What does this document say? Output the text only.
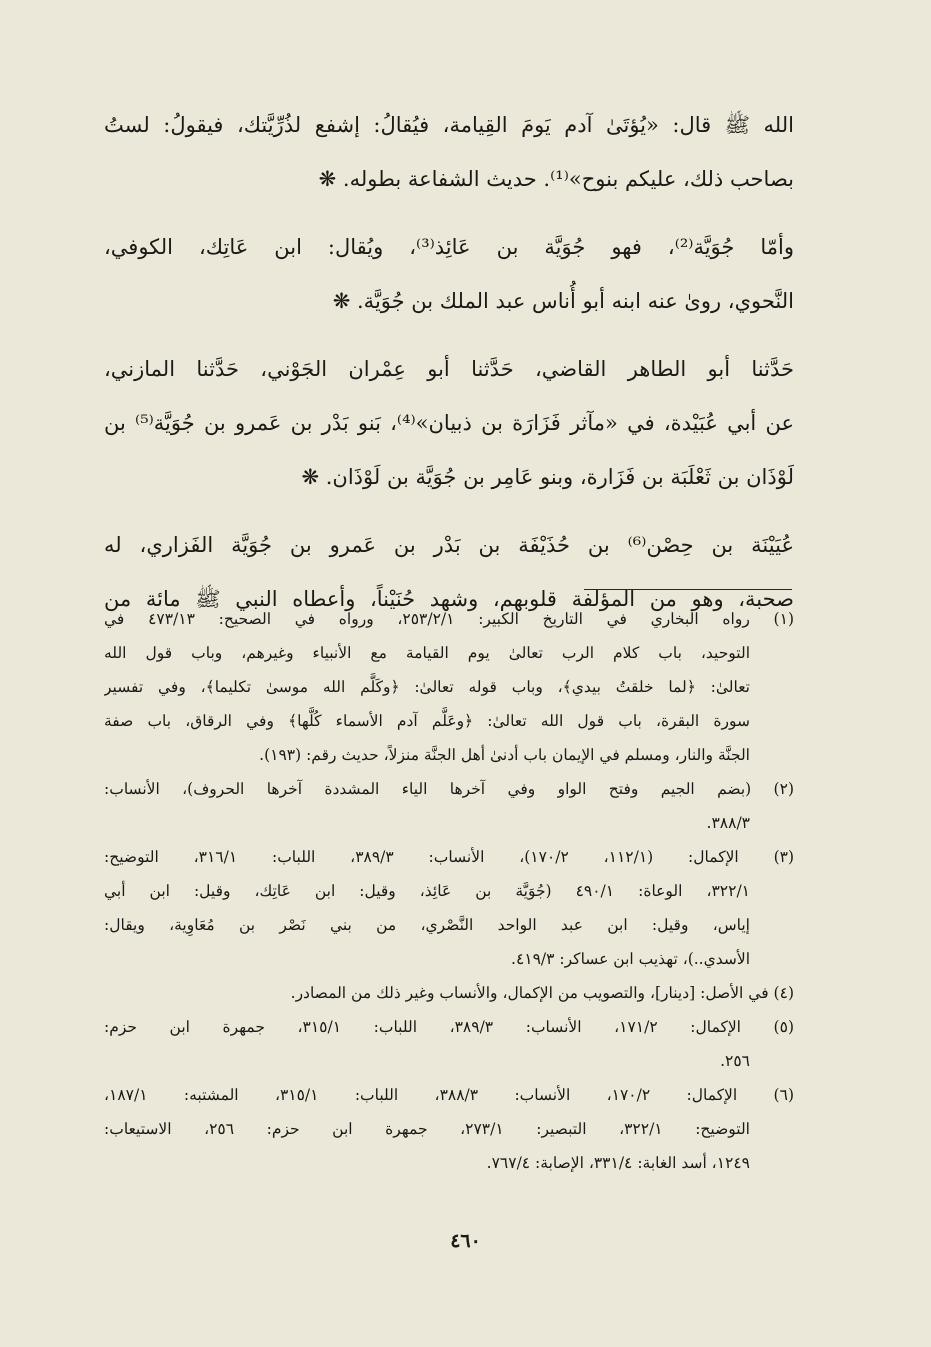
الله ﷺ قال: «يُؤتَىٰ آدم يَومَ القِيامة، فيُقالُ: إشفع لذُرِّيَّتك، فيقولُ: لستُ
بصاحب ذلك، عليكم بنوح»⁽¹⁾. حديث الشفاعة بطوله. ❋
وأمّا جُوَيَّة⁽²⁾، فهو جُوَيَّة بن عَائِذ⁽³⁾، ويُقال: ابن عَاتِك، الكوفي،
النَّحوي، روىٰ عنه ابنه أبو أُناس عبد الملك بن جُوَيَّة. ❋
حَدَّثنا أبو الطاهر القاضي، حَدَّثنا أبو عِمْران الجَوْني، حَدَّثنا المازني،
عن أبي عُبَيْدة، في «مآثر فَزَارَة بن ذبيان»⁽⁴⁾، بَنو بَدْر بن عَمرو بن جُوَيَّة⁽⁵⁾ بن
لَوْذَان بن ثَعْلَبَة بن فَزَارة، وبنو عَامِر بن جُوَيَّة بن لَوْذَان. ❋
عُيَيْنَة بن حِصْن⁽⁶⁾ بن حُذَيْفَة بن بَدْر بن عَمرو بن جُوَيَّة الفَزاري، له
صحبة، وهو من المؤلفة قلوبهم، وشهد حُنَيْناً، وأعطاه النبي ﷺ مائة من
(١) رواه البخاري في التاريخ الكبير: ٢٥٣/٢/١، ورواه في الصحيح: ٤٧٣/١٣ في
التوحيد، باب كلام الرب تعالىٰ يوم القيامة مع الأنبياء وغيرهم، وباب قول الله
تعالىٰ: ﴿لما خلقتُ بيدي﴾، وباب قوله تعالىٰ: ﴿وكَلَّم الله موسىٰ تكليما﴾، وفي تفسير
سورة البقرة، باب قول الله تعالىٰ: ﴿وعَلَّم آدم الأسماء كُلَّها﴾ وفي الرقاق، باب صفة
الجنَّة والنار، ومسلم في الإيمان باب أدنىٰ أهل الجنَّة منزلاً، حديث رقم: (١٩٣).
(٢) (بضم الجيم وفتح الواو وفي آخرها الياء المشددة آخرها الحروف)، الأنساب:
٣٨٨/٣.
(٣) الإكمال: (١١٢/١، ١٧٠/٢)، الأنساب: ٣٨٩/٣، اللباب: ٣١٦/١، التوضيح:
٣٢٢/١، الوعاة: ٤٩٠/١ (جُوَيَّة بن عَائِذ، وقيل: ابن عَاتِك، وقيل: ابن أبي
إياس، وقيل: ابن عبد الواحد النَّصْري، من بني نَصْر بن مُعَاوِية، ويقال:
الأسدي..)، تهذيب ابن عساكر: ٤١٩/٣.
(٤) في الأصل: [دينار]، والتصويب من الإكمال، والأنساب وغير ذلك من المصادر.
(٥) الإكمال: ١٧١/٢، الأنساب: ٣٨٩/٣، اللباب: ٣١٥/١، جمهرة ابن حزم:
٢٥٦.
(٦) الإكمال: ١٧٠/٢، الأنساب: ٣٨٨/٣، اللباب: ٣١٥/١، المشتبه: ١٨٧/١،
التوضيح: ٣٢٢/١، التبصير: ٢٧٣/١، جمهرة ابن حزم: ٢٥٦، الاستيعاب:
١٢٤٩، أسد الغابة: ٣٣١/٤، الإصابة: ٧٦٧/٤.
٤٦٠
